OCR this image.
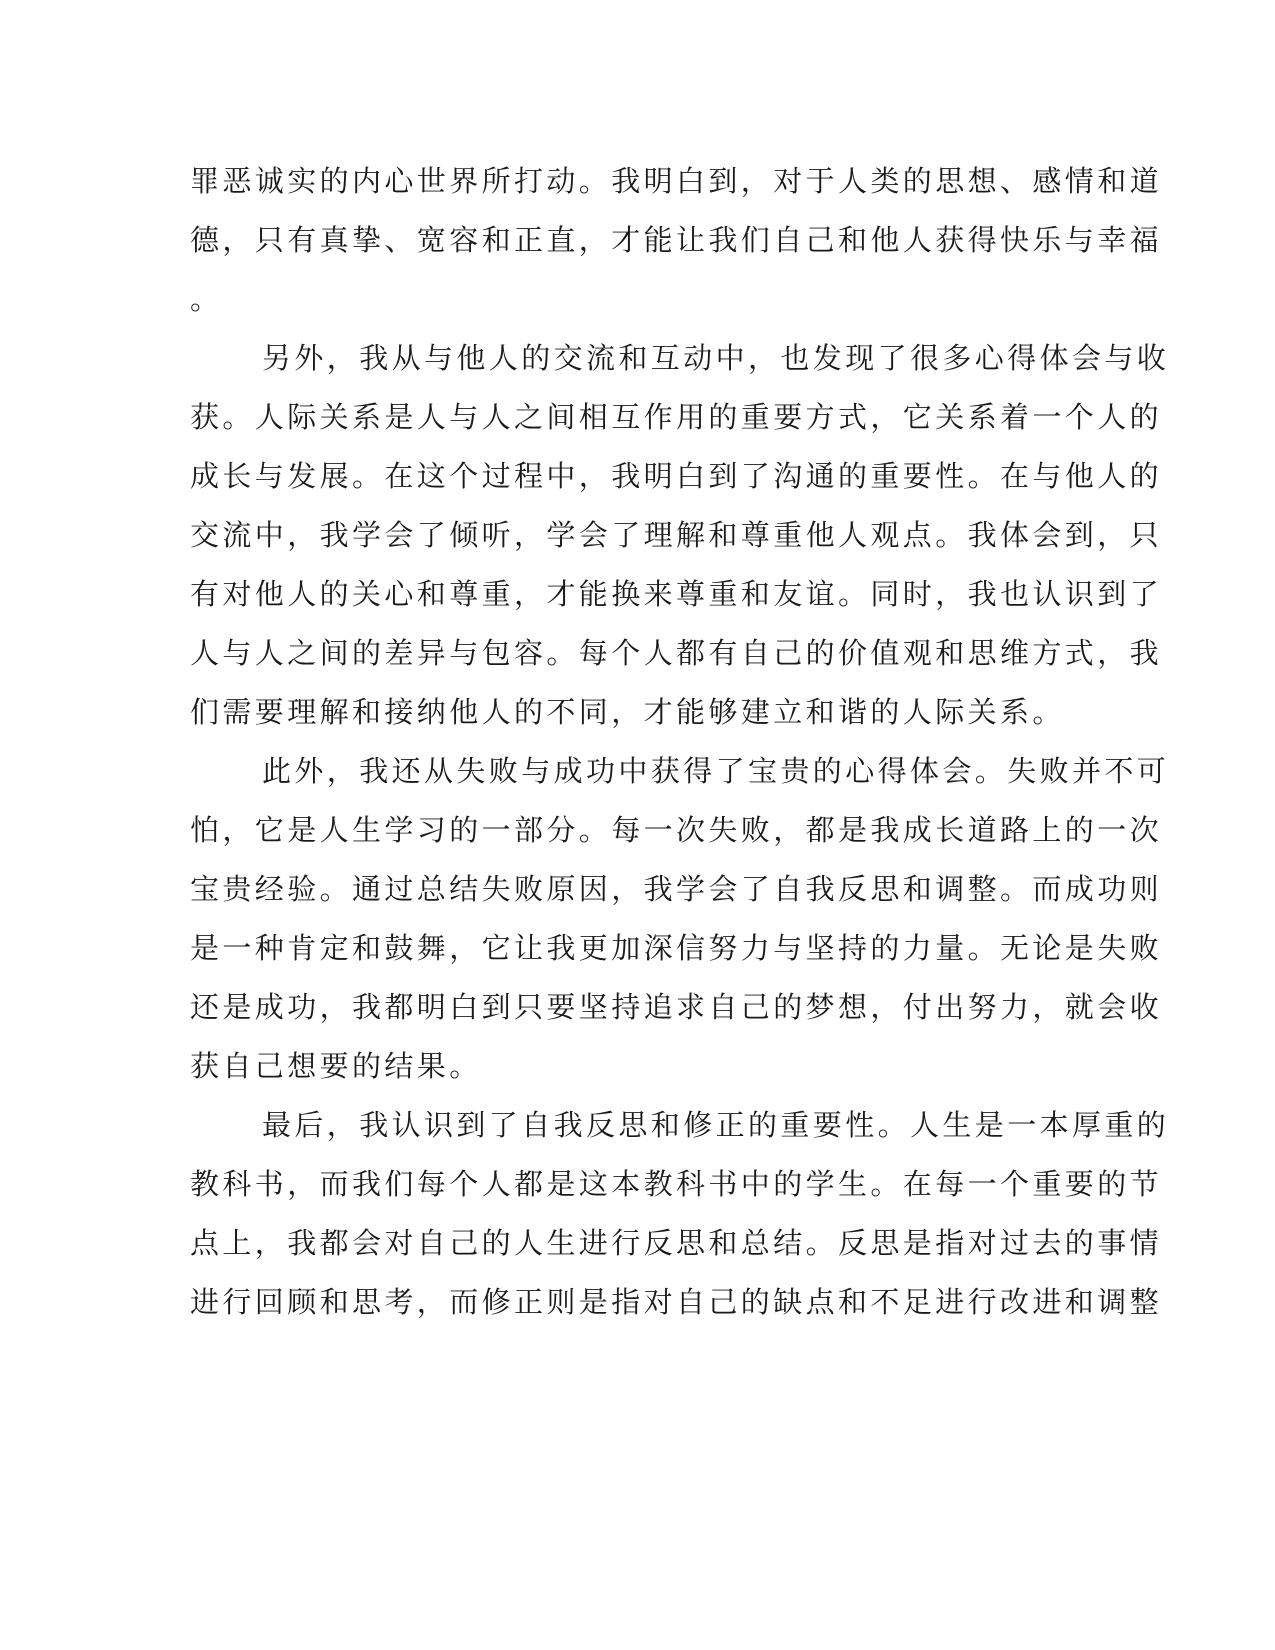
罪恶诚实的内心世界所打动。我明白到，对于人类的思想、感情和道
德，只有真挚、宽容和正直，才能让我们自己和他人获得快乐与幸福
。
另外，我从与他人的交流和互动中，也发现了很多心得体会与收
获。人际关系是人与人之间相互作用的重要方式，它关系着一个人的
成长与发展。在这个过程中，我明白到了沟通的重要性。在与他人的
交流中，我学会了倾听，学会了理解和尊重他人观点。我体会到，只
有对他人的关心和尊重，才能换来尊重和友谊。同时，我也认识到了
人与人之间的差异与包容。每个人都有自己的价值观和思维方式，我
们需要理解和接纳他人的不同，才能够建立和谐的人际关系。
此外，我还从失败与成功中获得了宝贵的心得体会。失败并不可
怕，它是人生学习的一部分。每一次失败，都是我成长道路上的一次
宝贵经验。通过总结失败原因，我学会了自我反思和调整。而成功则
是一种肯定和鼓舞，它让我更加深信努力与坚持的力量。无论是失败
还是成功，我都明白到只要坚持追求自己的梦想，付出努力，就会收
获自己想要的结果。
最后，我认识到了自我反思和修正的重要性。人生是一本厚重的
教科书，而我们每个人都是这本教科书中的学生。在每一个重要的节
点上，我都会对自己的人生进行反思和总结。反思是指对过去的事情
进行回顾和思考，而修正则是指对自己的缺点和不足进行改进和调整
